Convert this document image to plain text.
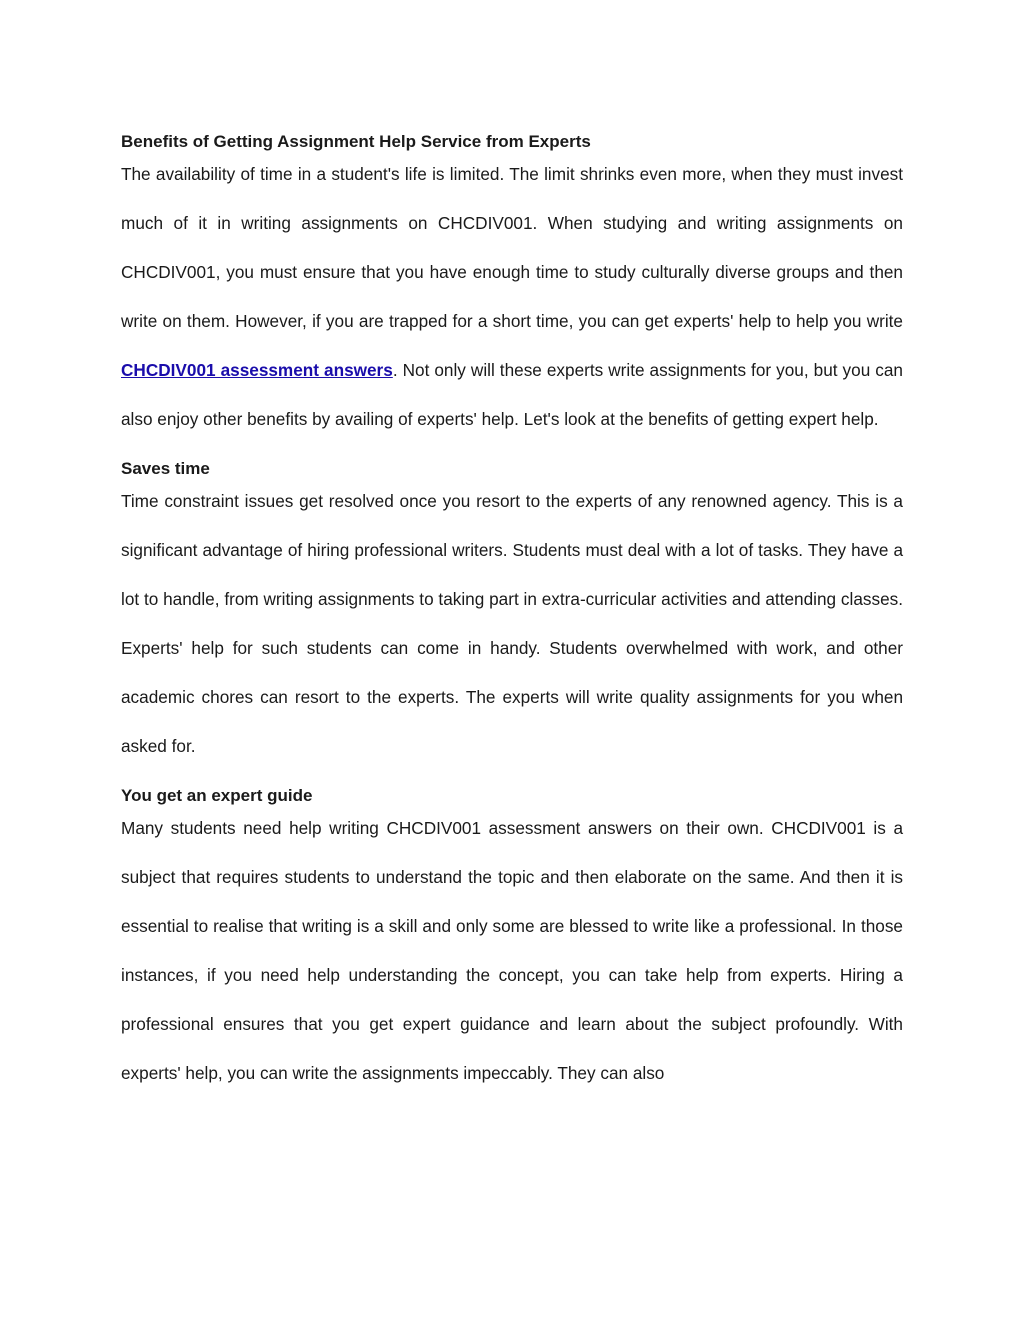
Benefits of Getting Assignment Help Service from Experts

The availability of time in a student's life is limited. The limit shrinks even more, when they must invest much of it in writing assignments on CHCDIV001. When studying and writing assignments on CHCDIV001, you must ensure that you have enough time to study culturally diverse groups and then write on them. However, if you are trapped for a short time, you can get experts' help to help you write CHCDIV001 assessment answers. Not only will these experts write assignments for you, but you can also enjoy other benefits by availing of experts' help. Let's look at the benefits of getting expert help.

Saves time

Time constraint issues get resolved once you resort to the experts of any renowned agency. This is a significant advantage of hiring professional writers. Students must deal with a lot of tasks. They have a lot to handle, from writing assignments to taking part in extra-curricular activities and attending classes. Experts' help for such students can come in handy. Students overwhelmed with work, and other academic chores can resort to the experts. The experts will write quality assignments for you when asked for.

You get an expert guide

Many students need help writing CHCDIV001 assessment answers on their own. CHCDIV001 is a subject that requires students to understand the topic and then elaborate on the same. And then it is essential to realise that writing is a skill and only some are blessed to write like a professional. In those instances, if you need help understanding the concept, you can take help from experts. Hiring a professional ensures that you get expert guidance and learn about the subject profoundly. With experts' help, you can write the assignments impeccably. They can also
